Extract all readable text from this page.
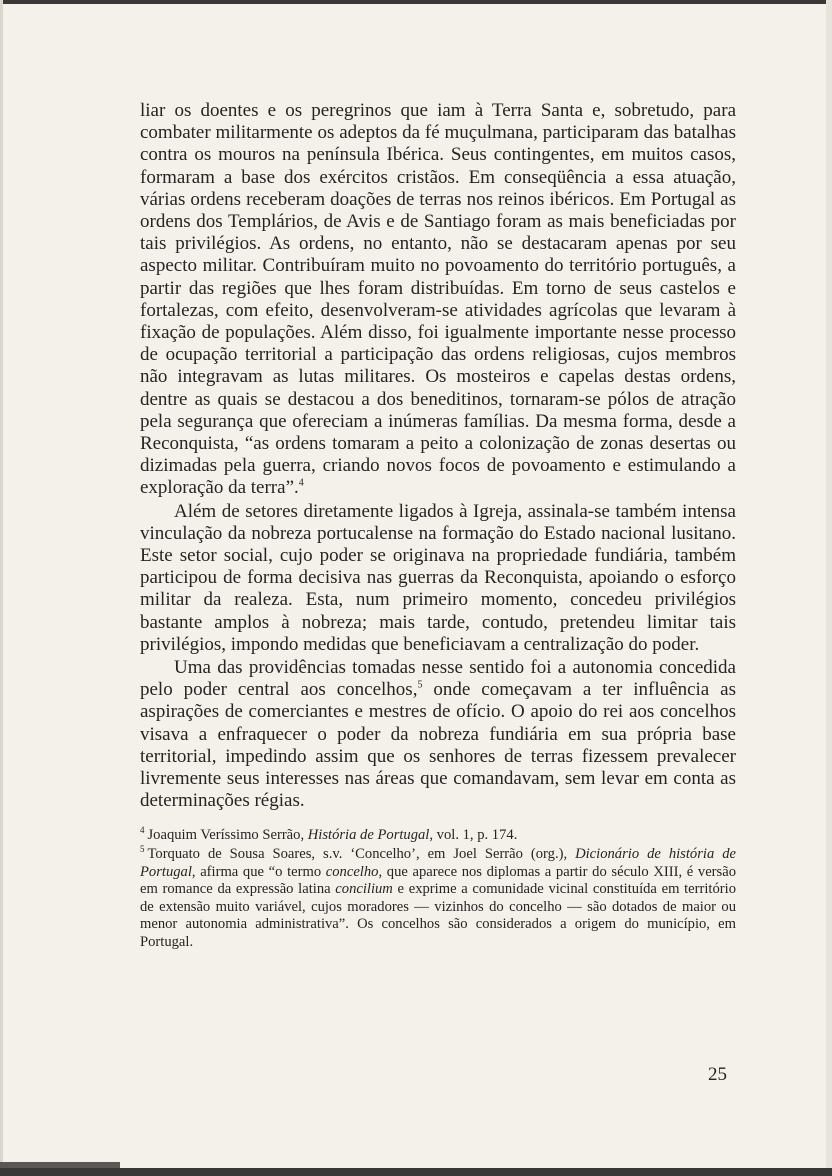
liar os doentes e os peregrinos que iam à Terra Santa e, sobretudo, para combater militarmente os adeptos da fé muçulmana, participaram das batalhas contra os mouros na península Ibérica. Seus contingentes, em muitos casos, formaram a base dos exércitos cristãos. Em conseqüência a essa atuação, várias ordens receberam doações de terras nos reinos ibéricos. Em Portugal as ordens dos Templários, de Avis e de Santiago foram as mais beneficiadas por tais privilégios. As ordens, no entanto, não se destacaram apenas por seu aspecto militar. Contribuíram muito no povoamento do território português, a partir das regiões que lhes foram distribuídas. Em torno de seus castelos e fortalezas, com efeito, desenvolveram-se atividades agrícolas que levaram à fixação de populações. Além disso, foi igualmente importante nesse processo de ocupação territorial a participação das ordens religiosas, cujos membros não integravam as lutas militares. Os mosteiros e capelas destas ordens, dentre as quais se destacou a dos beneditinos, tornaram-se pólos de atração pela segurança que ofereciam a inúmeras famílias. Da mesma forma, desde a Reconquista, “as ordens tomaram a peito a colonização de zonas desertas ou dizimadas pela guerra, criando novos focos de povoamento e estimulando a exploração da terra”.$^4$

Além de setores diretamente ligados à Igreja, assinala-se também intensa vinculação da nobreza portucalense na formação do Estado nacional lusitano. Este setor social, cujo poder se originava na propriedade fundiária, também participou de forma decisiva nas guerras da Reconquista, apoiando o esforço militar da realeza. Esta, num primeiro momento, concedeu privilégios bastante amplos à nobreza; mais tarde, contudo, pretendeu limitar tais privilégios, impondo medidas que beneficiavam a centralização do poder.

Uma das providências tomadas nesse sentido foi a autonomia concedida pelo poder central aos concelhos,$^5$ onde começavam a ter influência as aspirações de comerciantes e mestres de ofício. O apoio do rei aos concelhos visava a enfraquecer o poder da nobreza fundiária em sua própria base territorial, impedindo assim que os senhores de terras fizessem prevalecer livremente seus interesses nas áreas que comandavam, sem levar em conta as determinações régias.

$^4$ Joaquim Veríssimo Serrão, História de Portugal, vol. 1, p. 174.

$^5$ Torquato de Sousa Soares, s.v. ‘Concelho’, em Joel Serrão (org.), Dicionário de história de Portugal, afirma que “o termo concelho, que aparece nos diplomas a partir do século XIII, é versão em romance da expressão latina concilium e exprime a comunidade vicinal constituída em território de extensão muito variável, cujos moradores — vizinhos do concelho — são dotados de maior ou menor autonomia administrativa”. Os concelhos são considerados a origem do município, em Portugal.

25
